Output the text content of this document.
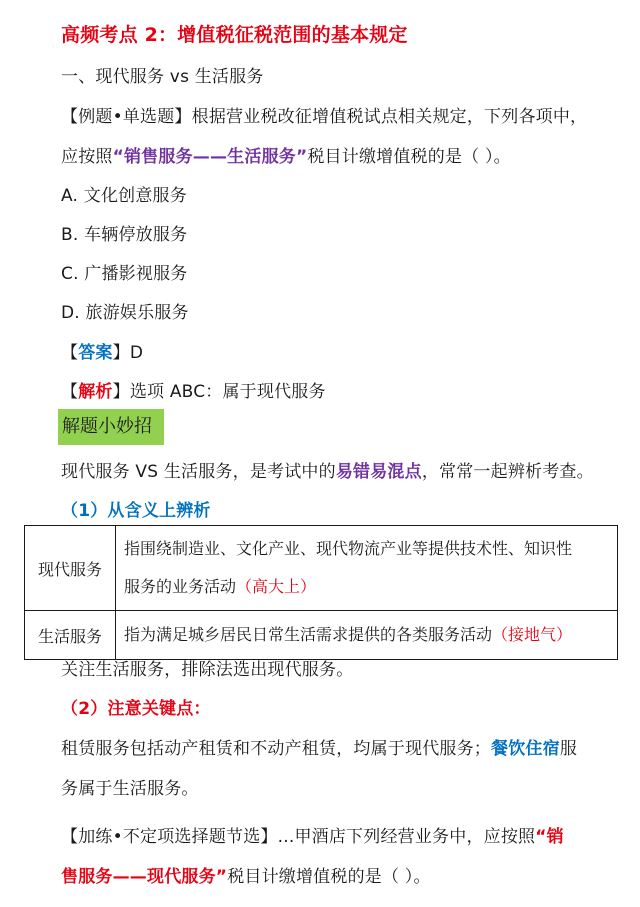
高频考点 2：增值税征税范围的基本规定
一、现代服务 vs 生活服务
【例题•单选题】根据营业税改征增值税试点相关规定，下列各项中，
应按照“销售服务——生活服务”税目计缴增值税的是（ ）。
A. 文化创意服务
B. 车辆停放服务
C. 广播影视服务
D. 旅游娱乐服务
【答案】D
【解析】选项 ABC：属于现代服务
解题小妙招
现代服务 VS 生活服务，是考试中的易错易混点，常常一起辨析考查。
（1）从含义上辨析
现代服务	指围绕制造业、文化产业、现代物流产业等提供技术性、知识性
服务的业务活动（高大上）
生活服务	指为满足城乡居民日常生活需求提供的各类服务活动（接地气）
关注生活服务，排除法选出现代服务。
（2）注意关键点：
租赁服务包括动产租赁和不动产租赁，均属于现代服务；餐饮住宿服
务属于生活服务。
【加练•不定项选择题节选】...甲酒店下列经营业务中，应按照“销
售服务——现代服务”税目计缴增值税的是（ ）。
